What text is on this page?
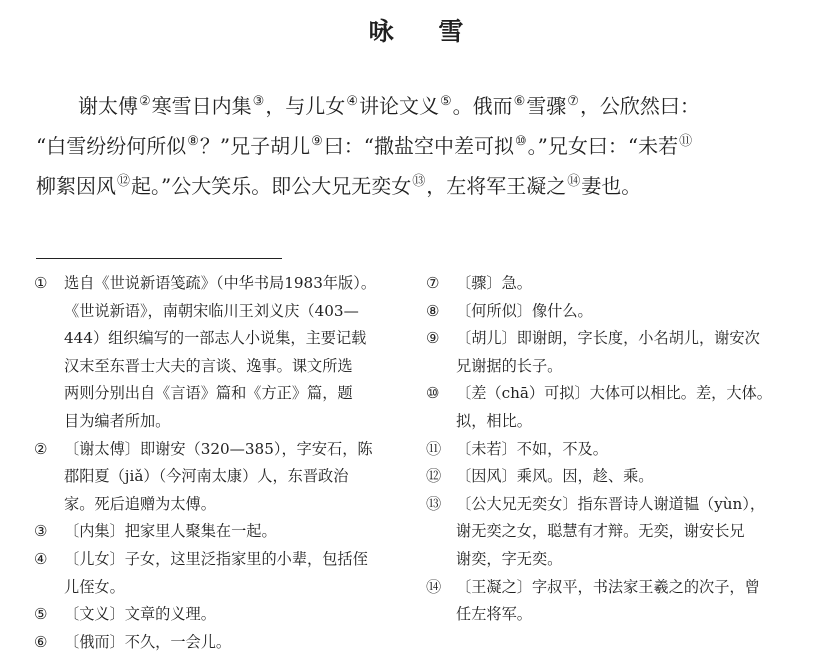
咏 雪
谢太傅②寒雪日内集③，与儿女④讲论文义⑤。俄而⑥雪骤⑦，公欣然曰：
“白雪纷纷何所似⑧？”兄子胡儿⑨曰：“撒盐空中差可拟⑩。”兄女曰：“未若⑪
柳絮因风⑫起。”公大笑乐。即公大兄无奕女⑬，左将军王凝之⑭妻也。
①	选自《世说新语笺疏》（中华书局1983年版）。
《世说新语》，南朝宋临川王刘义庆（403—
444）组织编写的一部志人小说集，主要记载
汉末至东晋士大夫的言谈、逸事。课文所选
两则分别出自《言语》篇和《方正》篇，题
目为编者所加。
②	〔谢太傅〕即谢安（320—385），字安石，陈
郡阳夏（jiǎ）（今河南太康）人，东晋政治
家。死后追赠为太傅。
③	〔内集〕把家里人聚集在一起。
④	〔儿女〕子女，这里泛指家里的小辈，包括侄
儿侄女。
⑤	〔文义〕文章的义理。
⑥	〔俄而〕不久，一会儿。
⑦	〔骤〕急。
⑧	〔何所似〕像什么。
⑨	〔胡儿〕即谢朗，字长度，小名胡儿，谢安次
兄谢据的长子。
⑩	〔差（chā）可拟〕大体可以相比。差，大体。
拟，相比。
⑪ 〔未若〕不如，不及。
⑫ 〔因风〕乘风。因，趁、乘。
⑬ 〔公大兄无奕女〕指东晋诗人谢道韫（yùn），
谢无奕之女，聪慧有才辩。无奕，谢安长兄
谢奕，字无奕。
⑭ 〔王凝之〕字叔平，书法家王羲之的次子，曾
任左将军。
